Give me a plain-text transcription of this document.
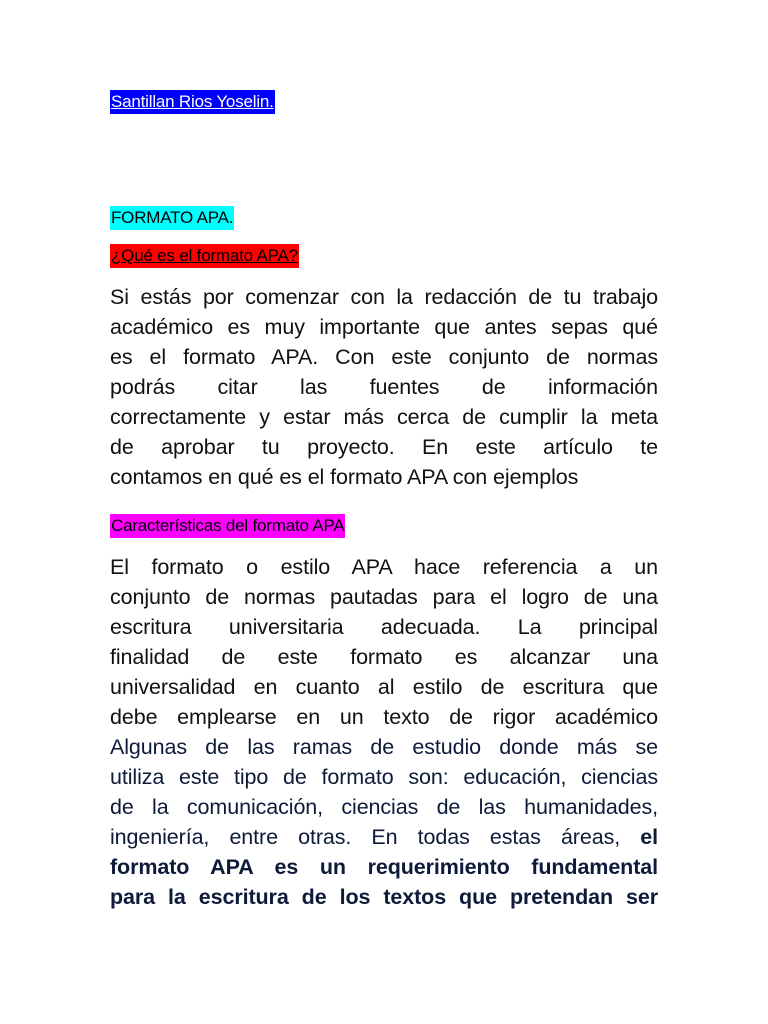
Santillan Rios Yoselin.
FORMATO APA.
¿Qué es el formato APA?
Si estás por comenzar con la redacción de tu trabajo
académico es muy importante que antes sepas qué
es el formato APA. Con este conjunto de normas
podrás citar las fuentes de información
correctamente y estar más cerca de cumplir la meta
de aprobar tu proyecto. En este artículo te
contamos en qué es el formato APA con ejemplos
Características del formato APA
El formato o estilo APA hace referencia a un
conjunto de normas pautadas para el logro de una
escritura universitaria adecuada. La principal
finalidad de este formato es alcanzar una
universalidad en cuanto al estilo de escritura que
debe emplearse en un texto de rigor académico
Algunas de las ramas de estudio donde más se
utiliza este tipo de formato son: educación, ciencias
de la comunicación, ciencias de las humanidades,
ingeniería, entre otras. En todas estas áreas, el
formato APA es un requerimiento fundamental
para la escritura de los textos que pretendan ser
